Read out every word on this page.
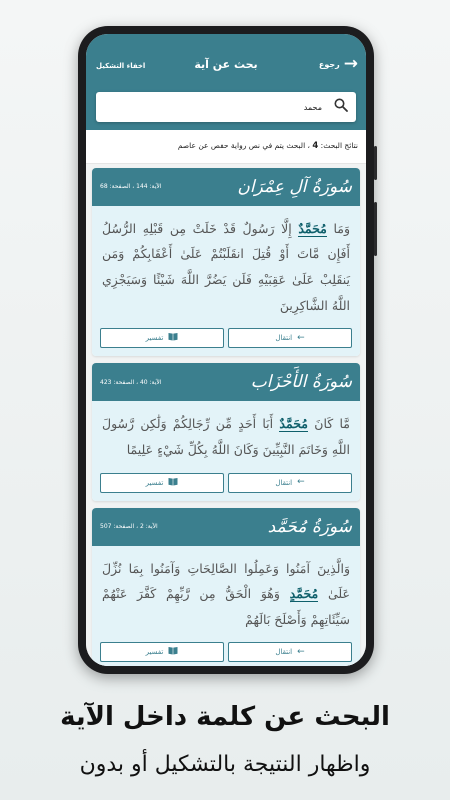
→
رجوع
بحث عن آية
اخفاء التشكيل
محمد
نتائج البحث: 4 ، البحث يتم في نص رواية حفص عن عاصم
سُورَةُ آلِ عِمْرَان
الآية: 144 ، الصفحة: 68
وَمَا مُحَمَّدٌ إِلَّا رَسُولٌ قَدْ خَلَتْ مِن قَبْلِهِ الرُّسُلُ أَفَإِن مَّاتَ أَوْ قُتِلَ انقَلَبْتُمْ عَلَىٰ أَعْقَابِكُمْ وَمَن يَنقَلِبْ عَلَىٰ عَقِبَيْهِ فَلَن يَضُرَّ اللَّهَ شَيْئًا وَسَيَجْزِي اللَّهُ الشَّاكِرِينَ
←
انتقال
تفسير
سُورَةُ الأَحْزَاب
الآية: 40 ، الصفحة: 423
مَّا كَانَ مُحَمَّدٌ أَبَا أَحَدٍ مِّن رِّجَالِكُمْ وَلَٰكِن رَّسُولَ اللَّهِ وَخَاتَمَ النَّبِيِّينَ وَكَانَ اللَّهُ بِكُلِّ شَيْءٍ عَلِيمًا
←
انتقال
تفسير
سُورَةُ مُحَمَّد
الآية: 2 ، الصفحة: 507
وَالَّذِينَ آمَنُوا وَعَمِلُوا الصَّالِحَاتِ وَآمَنُوا بِمَا نُزِّلَ عَلَىٰ مُحَمَّدٍ وَهُوَ الْحَقُّ مِن رَّبِّهِمْ كَفَّرَ عَنْهُمْ سَيِّئَاتِهِمْ وَأَصْلَحَ بَالَهُمْ
←
انتقال
تفسير
البحث عن كلمة داخل الآية
واظهار النتيجة بالتشكيل أو بدون
